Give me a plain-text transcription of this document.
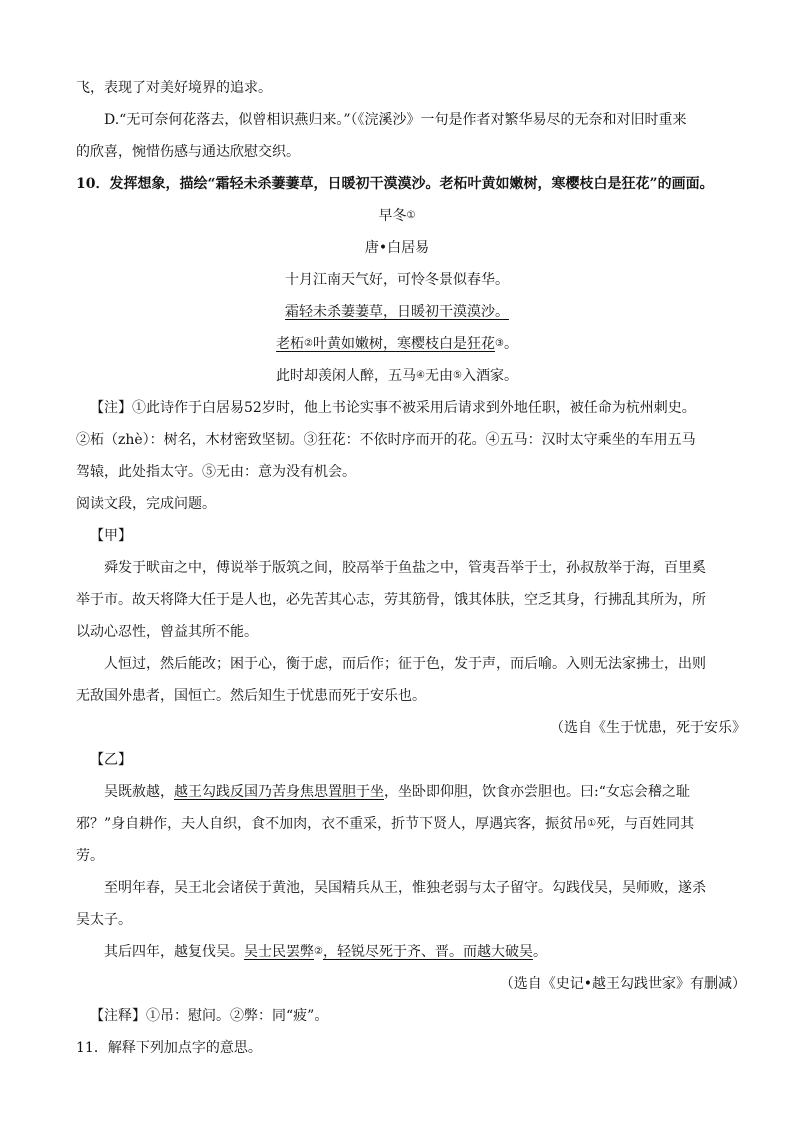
飞，表现了对美好境界的追求。
D.“无可奈何花落去，似曾相识燕归来。”（《浣溪沙》一句是作者对繁华易尽的无奈和对旧时重来
的欣喜，惋惜伤感与通达欣慰交织。
10．发挥想象，描绘“霜轻未杀萋萋草，日暖初干漠漠沙。老柘叶黄如嫩树，寒樱枝白是狂花”的画面。
早冬①
唐•白居易
十月江南天气好，可怜冬景似春华。
霜轻未杀萋萋草，日暖初干漠漠沙。
老柘②叶黄如嫩树，寒樱枝白是狂花③。
此时却羡闲人醉，五马④无由⑤入酒家。
【注】①此诗作于白居易52岁时，他上书论实事不被采用后请求到外地任职，被任命为杭州刺史。
②柘（zhè）：树名，木材密致坚韧。③狂花：不依时序而开的花。④五马：汉时太守乘坐的车用五马
驾辕，此处指太守。⑤无由：意为没有机会。
阅读文段，完成问题。
【甲】
舜发于畎亩之中，傅说举于版筑之间，胶鬲举于鱼盐之中，管夷吾举于士，孙叔敖举于海，百里奚
举于市。故天将降大任于是人也，必先苦其心志，劳其筋骨，饿其体肤，空乏其身，行拂乱其所为，所
以动心忍性，曾益其所不能。
人恒过，然后能改；困于心，衡于虑，而后作；征于色，发于声，而后喻。入则无法家拂士，出则
无敌国外患者，国恒亡。然后知生于忧患而死于安乐也。
（选自《生于忧患，死于安乐》
【乙】
吴既赦越，越王勾践反国乃苦身焦思置胆于坐，坐卧即仰胆，饮食亦尝胆也。曰:“女忘会稽之耻
邪？”身自耕作，夫人自织，食不加肉，衣不重采，折节下贤人，厚遇宾客，振贫吊①死，与百姓同其
劳。
至明年春，吴王北会诸侯于黄池，吴国精兵从王，惟独老弱与太子留守。勾践伐吴，吴师败，遂杀
吴太子。
其后四年，越复伐吴。吴士民罢弊②，轻锐尽死于齐、晋。而越大破吴。
（选自《史记•越王勾践世家》有删减）
【注释】①吊：慰问。②弊：同“疲”。
11．解释下列加点字的意思。
